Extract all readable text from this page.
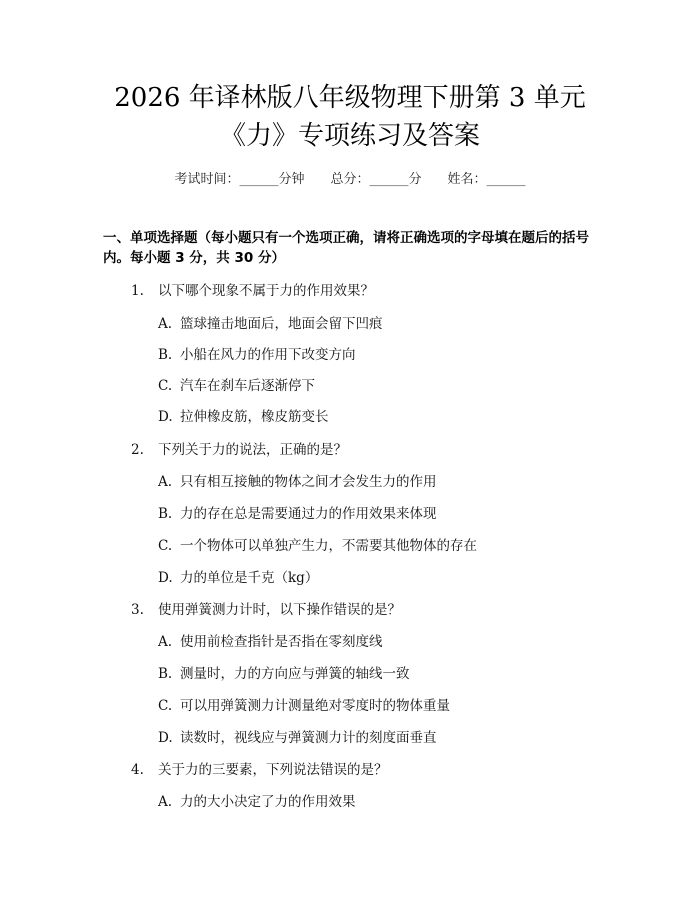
2026 年译林版八年级物理下册第 3 单元
《力》专项练习及答案
考试时间：______分钟 总分：______分 姓名：______
一、单项选择题（每小题只有一个选项正确，请将正确选项的字母填在题后的括号内。每小题 3 分，共 30 分）
1. 以下哪个现象不属于力的作用效果？
A. 篮球撞击地面后，地面会留下凹痕
B. 小船在风力的作用下改变方向
C. 汽车在刹车后逐渐停下
D. 拉伸橡皮筋，橡皮筋变长
2. 下列关于力的说法，正确的是？
A. 只有相互接触的物体之间才会发生力的作用
B. 力的存在总是需要通过力的作用效果来体现
C. 一个物体可以单独产生力，不需要其他物体的存在
D. 力的单位是千克（kg）
3. 使用弹簧测力计时，以下操作错误的是？
A. 使用前检查指针是否指在零刻度线
B. 测量时，力的方向应与弹簧的轴线一致
C. 可以用弹簧测力计测量绝对零度时的物体重量
D. 读数时，视线应与弹簧测力计的刻度面垂直
4. 关于力的三要素，下列说法错误的是？
A. 力的大小决定了力的作用效果
